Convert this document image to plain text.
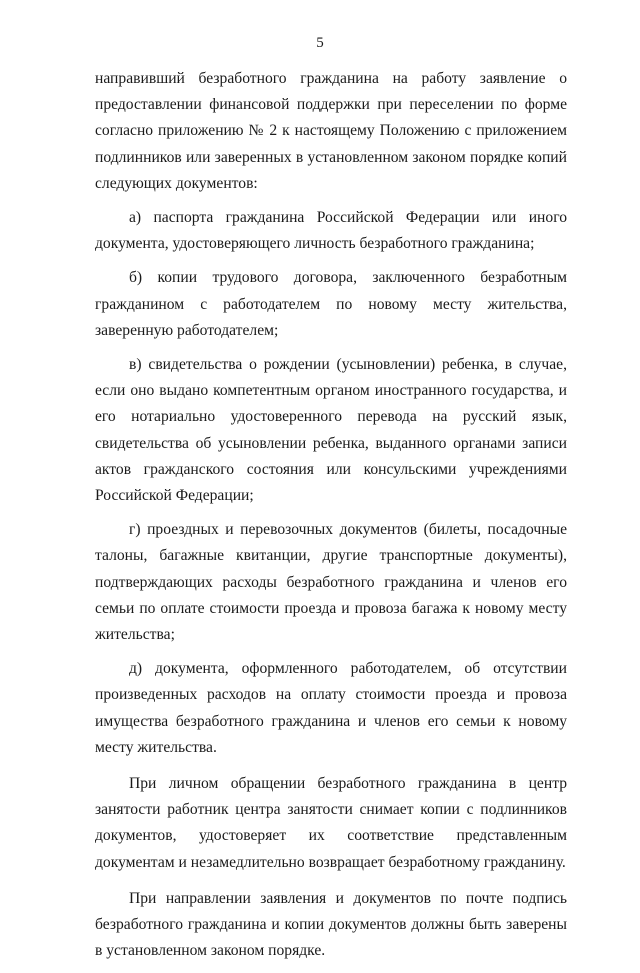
5

направивший безработного гражданина на работу заявление о предоставлении финансовой поддержки при переселении по форме согласно приложению № 2 к настоящему Положению с приложением подлинников или заверенных в установленном законом порядке копий следующих документов:

а) паспорта гражданина Российской Федерации или иного документа, удостоверяющего личность безработного гражданина;

б) копии трудового договора, заключенного безработным гражданином с работодателем по новому месту жительства, заверенную работодателем;

в) свидетельства о рождении (усыновлении) ребенка, в случае, если оно выдано компетентным органом иностранного государства, и его нотариально удостоверенного перевода на русский язык, свидетельства об усыновлении ребенка, выданного органами записи актов гражданского состояния или консульскими учреждениями Российской Федерации;

г) проездных и перевозочных документов (билеты, посадочные талоны, багажные квитанции, другие транспортные документы), подтверждающих расходы безработного гражданина и членов его семьи по оплате стоимости проезда и провоза багажа к новому месту жительства;

д) документа, оформленного работодателем, об отсутствии произведенных расходов на оплату стоимости проезда и провоза имущества безработного гражданина и членов его семьи к новому месту жительства.

При личном обращении безработного гражданина в центр занятости работник центра занятости снимает копии с подлинников документов, удостоверяет их соответствие представленным документам и незамедлительно возвращает безработному гражданину.

При направлении заявления и документов по почте подпись безработного гражданина и копии документов должны быть заверены в установленном законом порядке.
